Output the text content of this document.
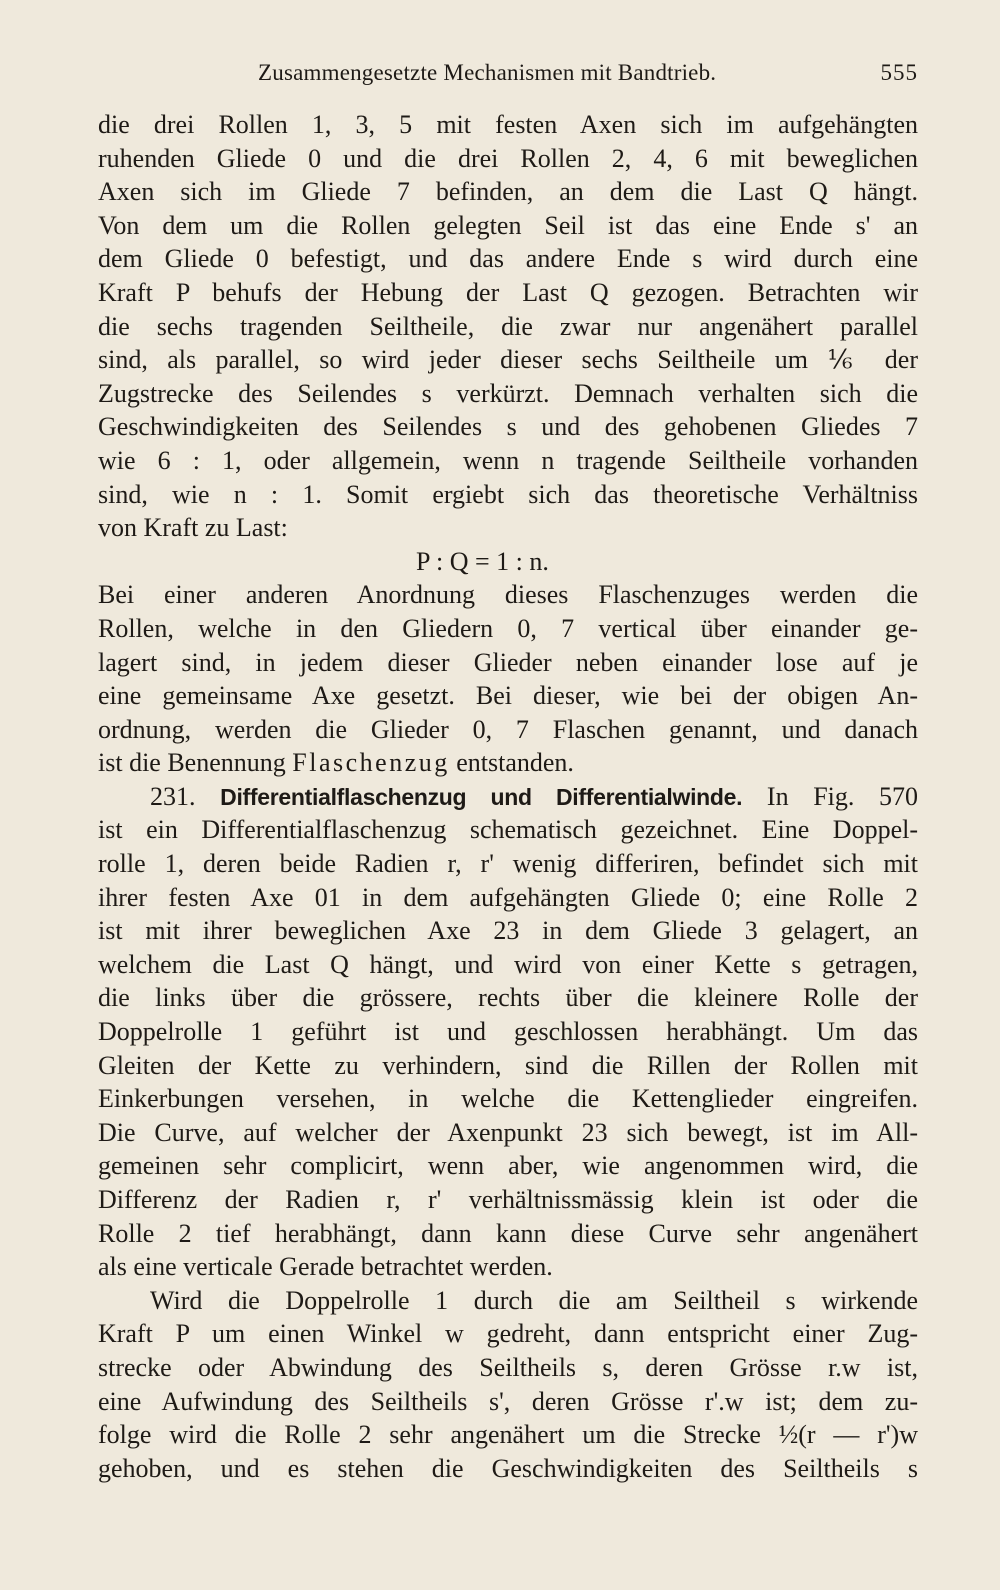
Zusammengesetzte Mechanismen mit Bandtrieb.	555
die drei Rollen 1, 3, 5 mit festen Axen sich im aufgehängten
ruhenden Gliede 0 und die drei Rollen 2, 4, 6 mit beweglichen
Axen sich im Gliede 7 befinden, an dem die Last Q hängt.
Von dem um die Rollen gelegten Seil ist das eine Ende s' an
dem Gliede 0 befestigt, und das andere Ende s wird durch eine
Kraft P behufs der Hebung der Last Q gezogen. Betrachten wir
die sechs tragenden Seiltheile, die zwar nur angenähert parallel
sind, als parallel, so wird jeder dieser sechs Seiltheile um ⅙ der
Zugstrecke des Seilendes s verkürzt. Demnach verhalten sich die
Geschwindigkeiten des Seilendes s und des gehobenen Gliedes 7
wie 6 : 1, oder allgemein, wenn n tragende Seiltheile vorhanden
sind, wie n : 1. Somit ergiebt sich das theoretische Verhältniss
von Kraft zu Last:
P : Q = 1 : n.
Bei einer anderen Anordnung dieses Flaschenzuges werden die
Rollen, welche in den Gliedern 0, 7 vertical über einander ge-
lagert sind, in jedem dieser Glieder neben einander lose auf je
eine gemeinsame Axe gesetzt. Bei dieser, wie bei der obigen An-
ordnung, werden die Glieder 0, 7 Flaschen genannt, und danach
ist die Benennung Flaschenzug entstanden.
231. Differentialflaschenzug und Differentialwinde. In Fig. 570
ist ein Differentialflaschenzug schematisch gezeichnet. Eine Doppel-
rolle 1, deren beide Radien r, r' wenig differiren, befindet sich mit
ihrer festen Axe 01 in dem aufgehängten Gliede 0; eine Rolle 2
ist mit ihrer beweglichen Axe 23 in dem Gliede 3 gelagert, an
welchem die Last Q hängt, und wird von einer Kette s getragen,
die links über die grössere, rechts über die kleinere Rolle der
Doppelrolle 1 geführt ist und geschlossen herabhängt. Um das
Gleiten der Kette zu verhindern, sind die Rillen der Rollen mit
Einkerbungen versehen, in welche die Kettenglieder eingreifen.
Die Curve, auf welcher der Axenpunkt 23 sich bewegt, ist im All-
gemeinen sehr complicirt, wenn aber, wie angenommen wird, die
Differenz der Radien r, r' verhältnissmässig klein ist oder die
Rolle 2 tief herabhängt, dann kann diese Curve sehr angenähert
als eine verticale Gerade betrachtet werden.
Wird die Doppelrolle 1 durch die am Seiltheil s wirkende
Kraft P um einen Winkel w gedreht, dann entspricht einer Zug-
strecke oder Abwindung des Seiltheils s, deren Grösse r.w ist,
eine Aufwindung des Seiltheils s', deren Grösse r'.w ist; dem zu-
folge wird die Rolle 2 sehr angenähert um die Strecke ½(r — r')w
gehoben, und es stehen die Geschwindigkeiten des Seiltheils s
